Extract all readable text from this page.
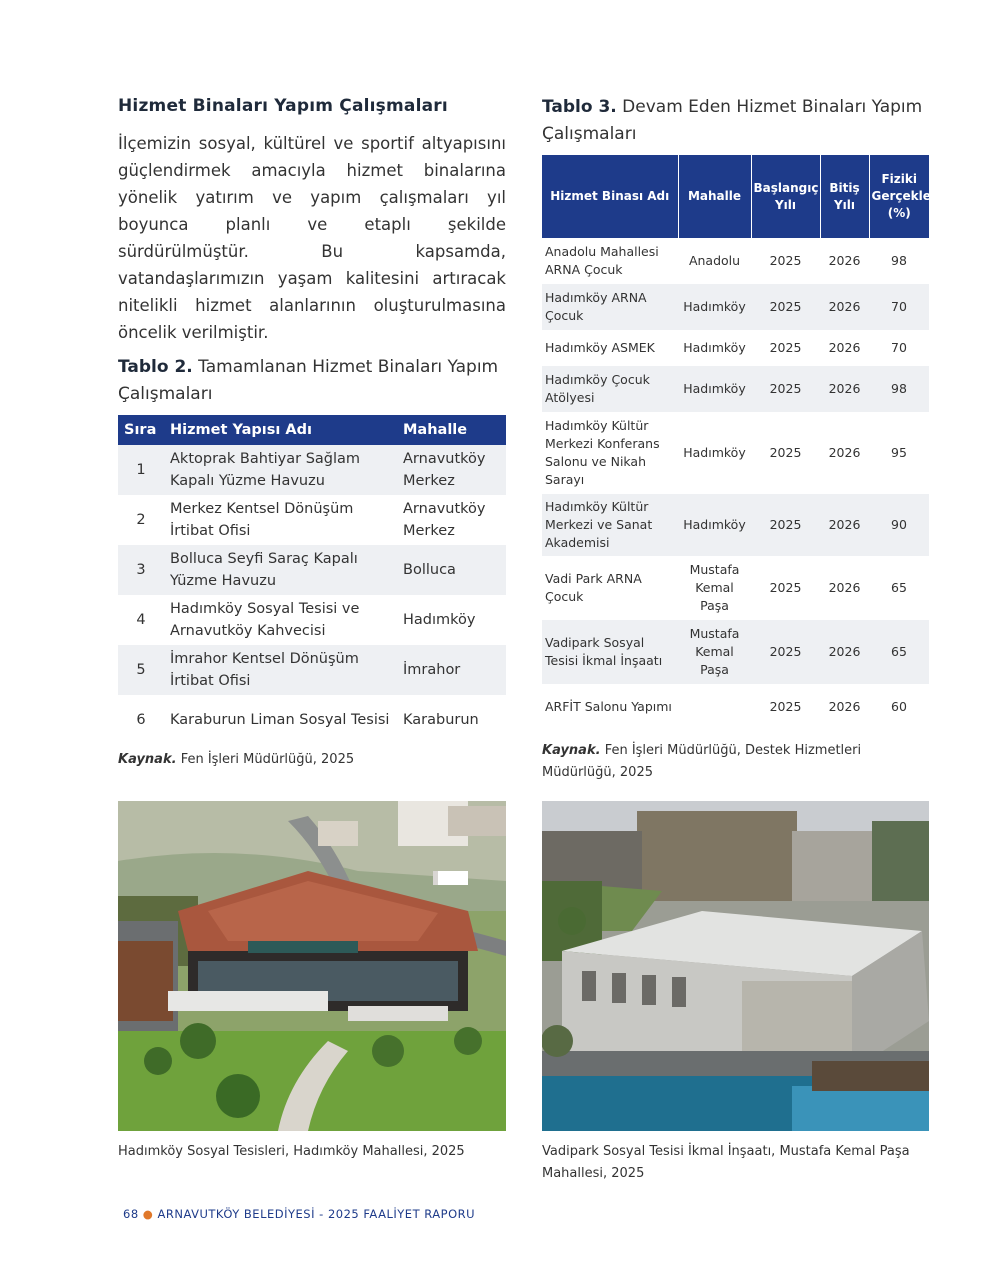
Hizmet Binaları Yapım Çalışmaları

İlçemizin sosyal, kültürel ve sportif altyapısını güçlendirmek amacıyla hizmet binalarına yönelik yatırım ve yapım çalışmaları yıl boyunca planlı ve etaplı şekilde sürdürülmüştür. Bu kapsamda, vatandaşlarımızın yaşam kalitesini artıracak nitelikli hizmet alanlarının oluşturulmasına öncelik verilmiştir.

Tablo 2. Tamamlanan Hizmet Binaları Yapım Çalışmaları

Sıra	Hizmet Yapısı Adı	Mahalle
1	Aktoprak Bahtiyar Sağlam Kapalı Yüzme Havuzu	Arnavutköy Merkez
2	Merkez Kentsel Dönüşüm İrtibat Ofisi	Arnavutköy Merkez
3	Bolluca Seyfi Saraç Kapalı Yüzme Havuzu	Bolluca
4	Hadımköy Sosyal Tesisi ve Arnavutköy Kahvecisi	Hadımköy
5	İmrahor Kentsel Dönüşüm İrtibat Ofisi	İmrahor
6	Karaburun Liman Sosyal Tesisi	Karaburun

Kaynak. Fen İşleri Müdürlüğü, 2025

Tablo 3. Devam Eden Hizmet Binaları Yapım Çalışmaları

Hizmet Binası Adı	Mahalle	Başlangıç Yılı	Bitiş Yılı	Fiziki Gerçekleşme (%)
Anadolu Mahallesi ARNA Çocuk	Anadolu	2025	2026	98
Hadımköy ARNA Çocuk	Hadımköy	2025	2026	70
Hadımköy ASMEK	Hadımköy	2025	2026	70
Hadımköy Çocuk Atölyesi	Hadımköy	2025	2026	98
Hadımköy Kültür Merkezi Konferans Salonu ve Nikah Sarayı	Hadımköy	2025	2026	95
Hadımköy Kültür Merkezi ve Sanat Akademisi	Hadımköy	2025	2026	90
Vadi Park ARNA Çocuk	Mustafa Kemal Paşa	2025	2026	65
Vadipark Sosyal Tesisi İkmal İnşaatı	Mustafa Kemal Paşa	2025	2026	65
ARFİT Salonu Yapımı		2025	2026	60

Kaynak. Fen İşleri Müdürlüğü, Destek Hizmetleri Müdürlüğü, 2025

Hadımköy Sosyal Tesisleri, Hadımköy Mahallesi, 2025	Vadipark Sosyal Tesisi İkmal İnşaatı, Mustafa Kemal Paşa Mahallesi, 2025

68 ● ARNAVUTKÖY BELEDİYESİ - 2025 FAALİYET RAPORU
